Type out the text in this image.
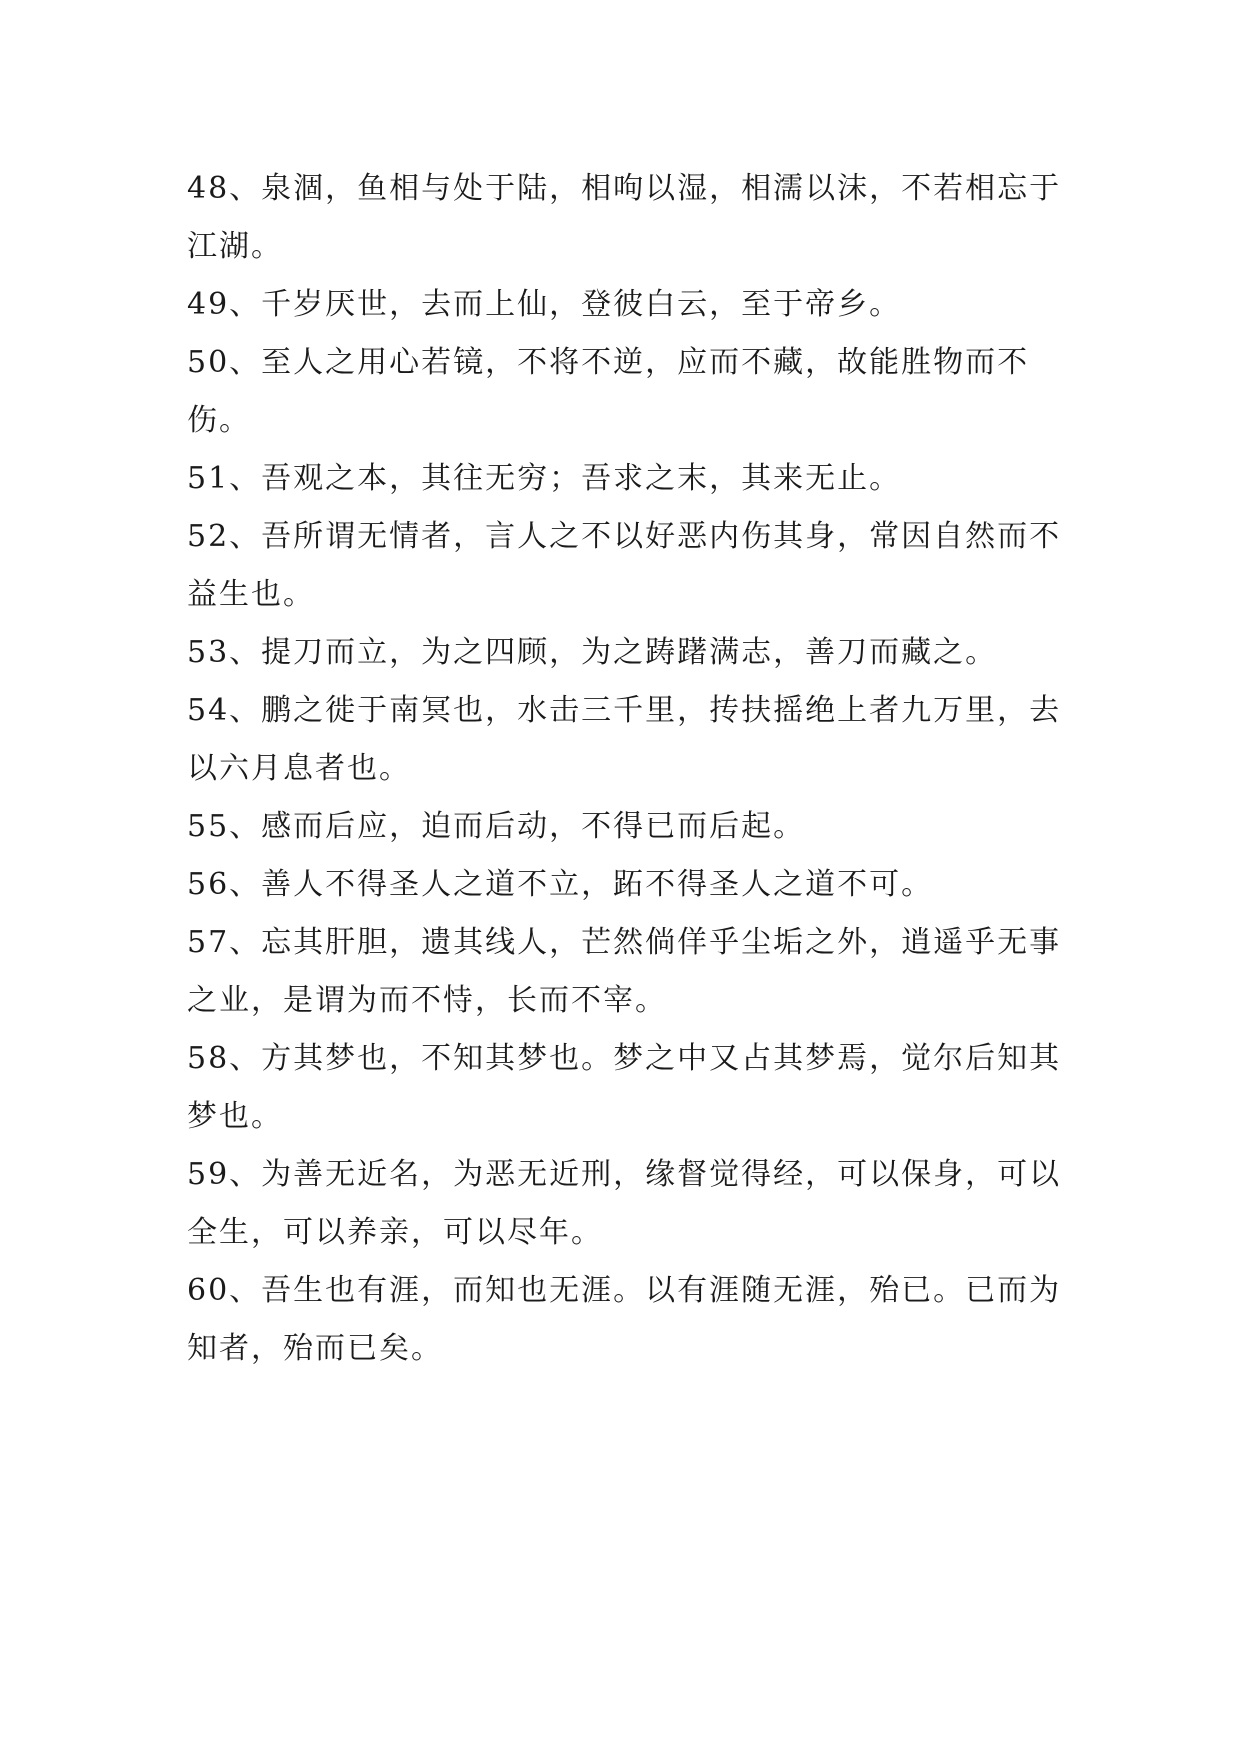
48、泉涸，鱼相与处于陆，相呴以湿，相濡以沫，不若相忘于江湖。

49、千岁厌世，去而上仙，登彼白云，至于帝乡。

50、至人之用心若镜，不将不逆，应而不藏，故能胜物而不伤。

51、吾观之本，其往无穷；吾求之末，其来无止。

52、吾所谓无情者，言人之不以好恶内伤其身，常因自然而不益生也。

53、提刀而立，为之四顾，为之踌躇满志，善刀而藏之。

54、鹏之徙于南冥也，水击三千里，抟扶摇绝上者九万里，去以六月息者也。

55、感而后应，迫而后动，不得已而后起。

56、善人不得圣人之道不立，跖不得圣人之道不可。

57、忘其肝胆，遗其线人，芒然倘佯乎尘垢之外，逍遥乎无事之业，是谓为而不恃，长而不宰。

58、方其梦也，不知其梦也。梦之中又占其梦焉，觉尔后知其梦也。

59、为善无近名，为恶无近刑，缘督觉得经，可以保身，可以全生，可以养亲，可以尽年。

60、吾生也有涯，而知也无涯。以有涯随无涯，殆已。已而为知者，殆而已矣。
